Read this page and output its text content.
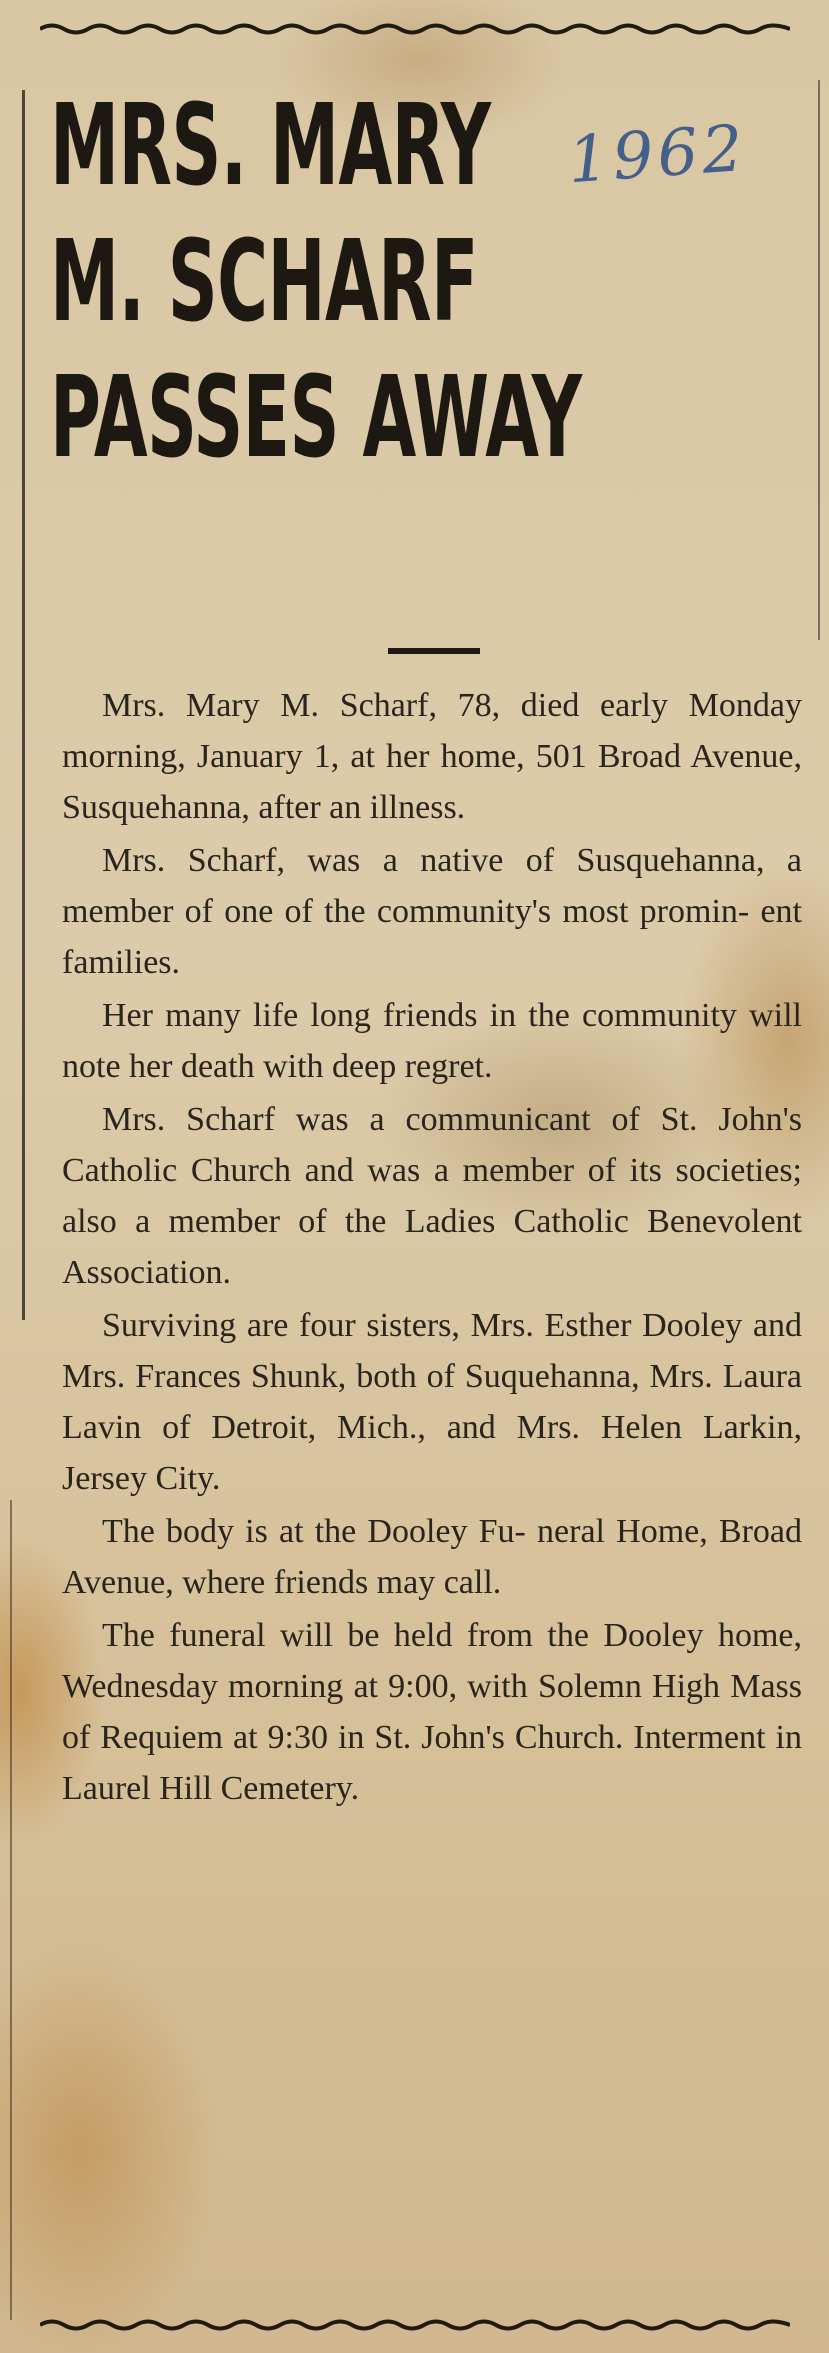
MRS. MARY
M. SCHARF
PASSES AWAY
1962

Mrs. Mary M. Scharf, 78, died early Monday morning, January 1, at her home, 501 Broad Avenue, Susquehanna, after an illness.

Mrs. Scharf, was a native of Susquehanna, a member of one of the community's most promin- ent families.

Her many life long friends in the community will note her death with deep regret.

Mrs. Scharf was a communicant of St. John's Catholic Church and was a member of its societies; also a member of the Ladies Catholic Benevolent Association.

Surviving are four sisters, Mrs. Esther Dooley and Mrs. Frances Shunk, both of Suquehanna, Mrs. Laura Lavin of Detroit, Mich., and Mrs. Helen Larkin, Jersey City.

The body is at the Dooley Fu- neral Home, Broad Avenue, where friends may call.

The funeral will be held from the Dooley home, Wednesday morning at 9:00, with Solemn High Mass of Requiem at 9:30 in St. John's Church. Interment in Laurel Hill Cemetery.
